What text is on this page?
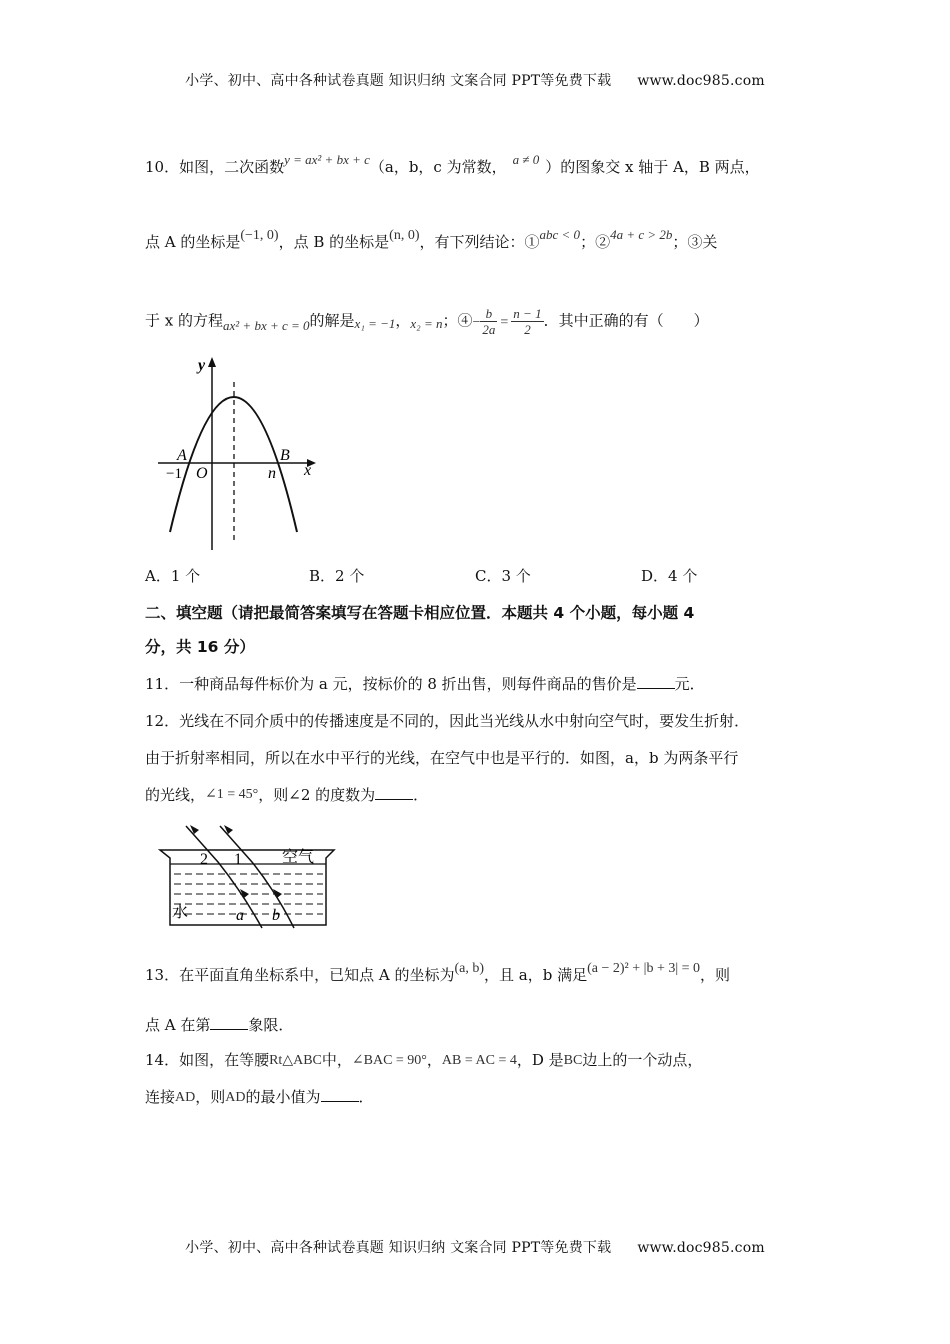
小学、初中、高中各种试卷真题 知识归纳 文案合同 PPT等免费下载 www.doc985.com
小学、初中、高中各种试卷真题 知识归纳 文案合同 PPT等免费下载 www.doc985.com
10．如图，二次函数y = ax² + bx + c（a，b，c 为常数， a ≠ 0 ）的图象交 x 轴于 A，B 两点，
点 A 的坐标是(−1, 0)，点 B 的坐标是(n, 0)，有下列结论：①abc < 0；②4a + c > 2b；③关
于 x 的方程ax² + bx + c = 0的解是x₁ = −1，x₂ = n；④− $\frac{b}{2a} = \frac{n - 1}{2}$ ．其中正确的有（　　）
y
x
A	B
O
−1	n
A．1 个	B．2 个	C．3 个	D．4 个
二、填空题（请把最简答案填写在答题卡相应位置．本题共 4 个小题，每小题 4
分，共 16 分）
11．一种商品每件标价为 a 元，按标价的 8 折出售，则每件商品的售价是	元．
12．光线在不同介质中的传播速度是不同的，因此当光线从水中射向空气时，要发生折射．
由于折射率相同，所以在水中平行的光线，在空气中也是平行的．如图，a，b 为两条平行
的光线，∠1 = 45°，则∠2 的度数为	．
2 1	空气
水	a b
13．在平面直角坐标系中，已知点 A 的坐标为(a, b)，且 a，b 满足(a − 2)² + |b + 3| = 0，则
点 A 在第	象限．
14．如图，在等腰Rt△ABC中，∠BAC = 90°，AB = AC = 4，D 是BC边上的一个动点，
连接AD，则AD的最小值为	．
